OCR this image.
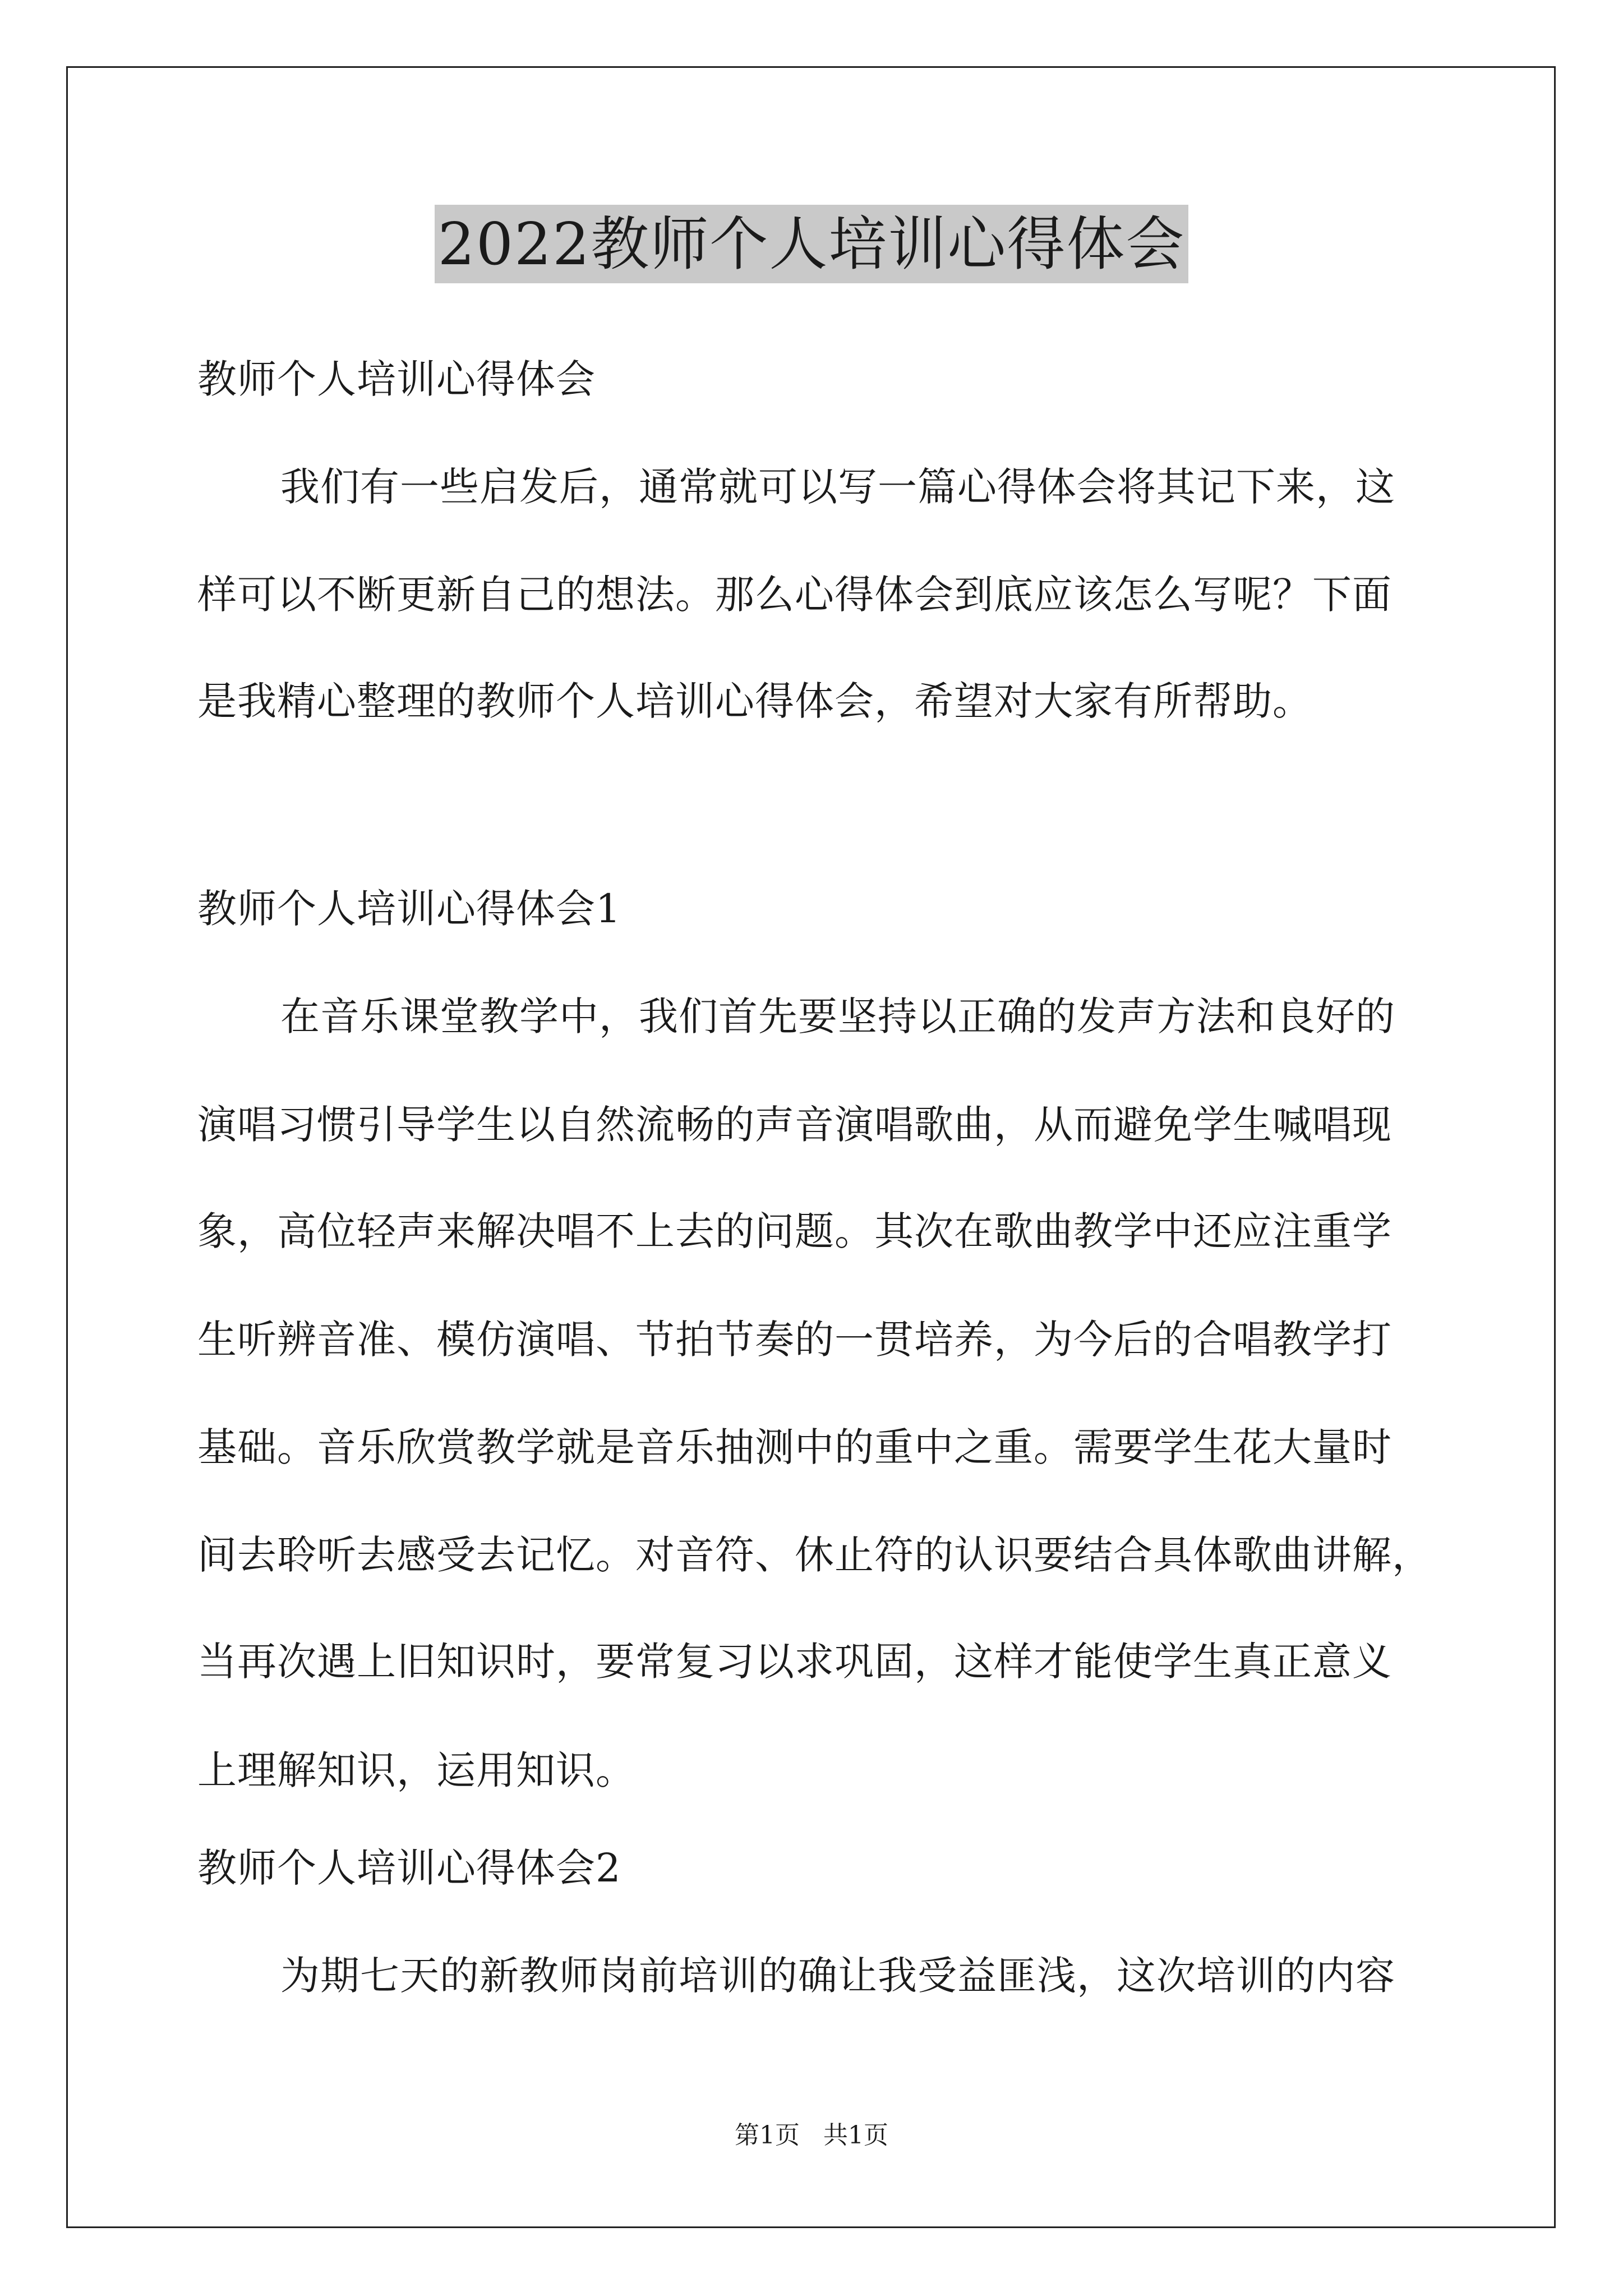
2022教师个人培训心得体会
教师个人培训心得体会
我们有一些启发后，通常就可以写一篇心得体会将其记下来，这
样可以不断更新自己的想法。那么心得体会到底应该怎么写呢？下面
是我精心整理的教师个人培训心得体会，希望对大家有所帮助。
教师个人培训心得体会1
在音乐课堂教学中，我们首先要坚持以正确的发声方法和良好的
演唱习惯引导学生以自然流畅的声音演唱歌曲，从而避免学生喊唱现
象，高位轻声来解决唱不上去的问题。其次在歌曲教学中还应注重学
生听辨音准、模仿演唱、节拍节奏的一贯培养，为今后的合唱教学打
基础。音乐欣赏教学就是音乐抽测中的重中之重。需要学生花大量时
间去聆听去感受去记忆。对音符、休止符的认识要结合具体歌曲讲解，
当再次遇上旧知识时，要常复习以求巩固，这样才能使学生真正意义
上理解知识，运用知识。
教师个人培训心得体会2
为期七天的新教师岗前培训的确让我受益匪浅，这次培训的内容
第1页 共1页
